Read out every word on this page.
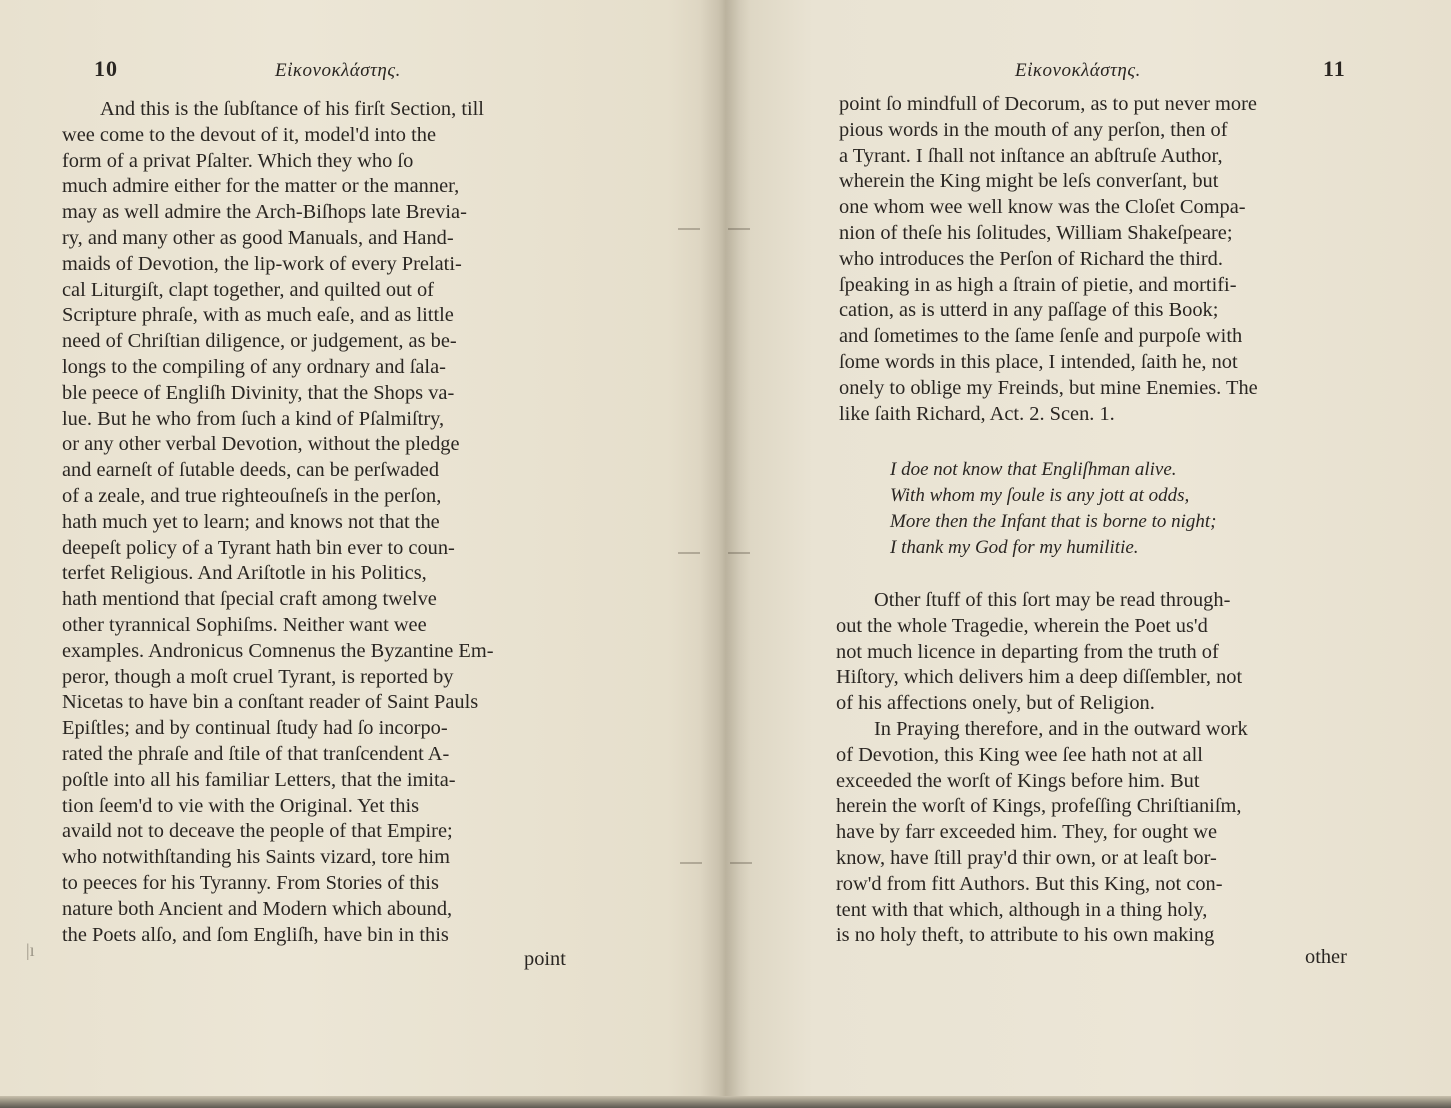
10	Eἰκονοκλάστης.
And this is the ſubſtance of his firſt Section, till
wee come to the devout of it, model'd into the
form of a privat Pſalter. Which they who ſo
much admire either for the matter or the manner,
may as well admire the Arch-Biſhops late Brevia-
ry, and many other as good Manuals, and Hand-
maids of Devotion, the lip-work of every Prelati-
cal Liturgiſt, clapt together, and quilted out of
Scripture phraſe, with as much eaſe, and as little
need of Chriſtian diligence, or judgement, as be-
longs to the compiling of any ordnary and ſala-
ble peece of Engliſh Divinity, that the Shops va-
lue. But he who from ſuch a kind of Pſalmiſtry,
or any other verbal Devotion, without the pledge
and earneſt of ſutable deeds, can be perſwaded
of a zeale, and true righteouſneſs in the perſon,
hath much yet to learn; and knows not that the
deepeſt policy of a Tyrant hath bin ever to coun-
terfet Religious. And Ariſtotle in his Politics,
hath mentiond that ſpecial craft among twelve
other tyrannical Sophiſms. Neither want wee
examples. Andronicus Comnenus the Byzantine Em-
peror, though a moſt cruel Tyrant, is reported by
Nicetas to have bin a conſtant reader of Saint Pauls
Epiſtles; and by continual ſtudy had ſo incorpo-
rated the phraſe and ſtile of that tranſcendent A-
poſtle into all his familiar Letters, that the imita-
tion ſeem'd to vie with the Original. Yet this
availd not to deceave the people of that Empire;
who notwithſtanding his Saints vizard, tore him
to peeces for his Tyranny. From Stories of this
nature both Ancient and Modern which abound,
the Poets alſo, and ſom Engliſh, have bin in this
point
|ı
Eἰκονοκλάστης.	11
point ſo mindfull of Decorum, as to put never more
pious words in the mouth of any perſon, then of
a Tyrant. I ſhall not inſtance an abſtruſe Author,
wherein the King might be leſs converſant, but
one whom wee well know was the Cloſet Compa-
nion of theſe his ſolitudes, William Shakeſpeare;
who introduces the Perſon of Richard the third.
ſpeaking in as high a ſtrain of pietie, and mortifi-
cation, as is utterd in any paſſage of this Book;
and ſometimes to the ſame ſenſe and purpoſe with
ſome words in this place, I intended, ſaith he, not
onely to oblige my Freinds, but mine Enemies. The
like ſaith Richard, Act. 2. Scen. 1.
I doe not know that Engliſhman alive.
With whom my ſoule is any jott at odds,
More then the Infant that is borne to night;
I thank my God for my humilitie.
Other ſtuff of this ſort may be read through-
out the whole Tragedie, wherein the Poet us'd
not much licence in departing from the truth of
Hiſtory, which delivers him a deep diſſembler, not
of his affections onely, but of Religion.
In Praying therefore, and in the outward work
of Devotion, this King wee ſee hath not at all
exceeded the worſt of Kings before him. But
herein the worſt of Kings, profeſſing Chriſtianiſm,
have by farr exceeded him. They, for ought we
know, have ſtill pray'd thir own, or at leaſt bor-
row'd from fitt Authors. But this King, not con-
tent with that which, although in a thing holy,
is no holy theft, to attribute to his own making
other
